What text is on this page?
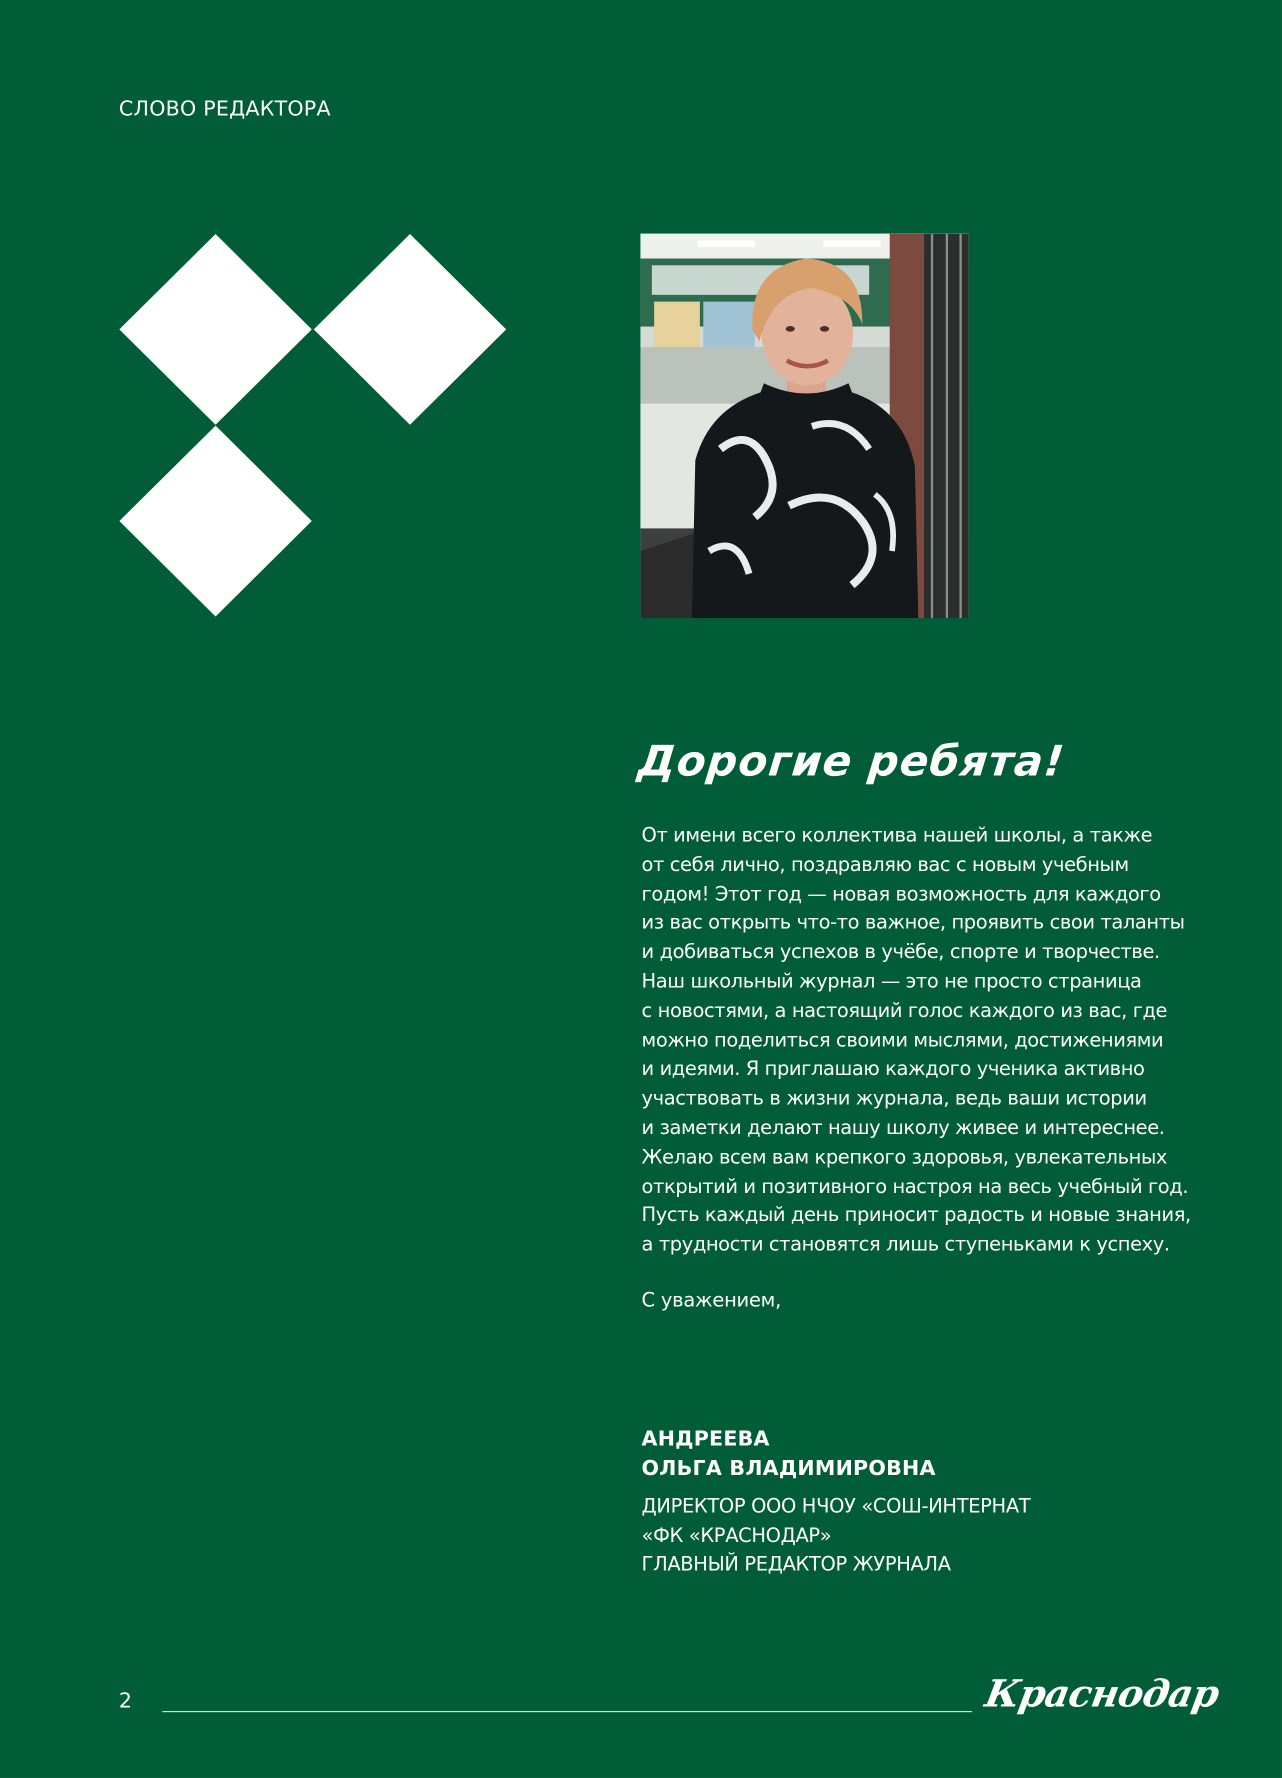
СЛОВО РЕДАКТОРА
Дорогие ребята!
От имени всего коллектива нашей школы, а также
от себя лично, поздравляю вас с новым учебным
годом! Этот год — новая возможность для каждого
из вас открыть что-то важное, проявить свои таланты
и добиваться успехов в учёбе, спорте и творчестве.
Наш школьный журнал — это не просто страница
с новостями, а настоящий голос каждого из вас, где
можно поделиться своими мыслями, достижениями
и идеями. Я приглашаю каждого ученика активно
участвовать в жизни журнала, ведь ваши истории
и заметки делают нашу школу живее и интереснее.
Желаю всем вам крепкого здоровья, увлекательных
открытий и позитивного настроя на весь учебный год.
Пусть каждый день приносит радость и новые знания,
а трудности становятся лишь ступеньками к успеху.
С уважением,
АНДРЕЕВА
ОЛЬГА ВЛАДИМИРОВНА
ДИРЕКТОР ООО НЧОУ «СОШ-ИНТЕРНАТ
«ФК «КРАСНОДАР»
ГЛАВНЫЙ РЕДАКТОР ЖУРНАЛА
2	Краснодар
